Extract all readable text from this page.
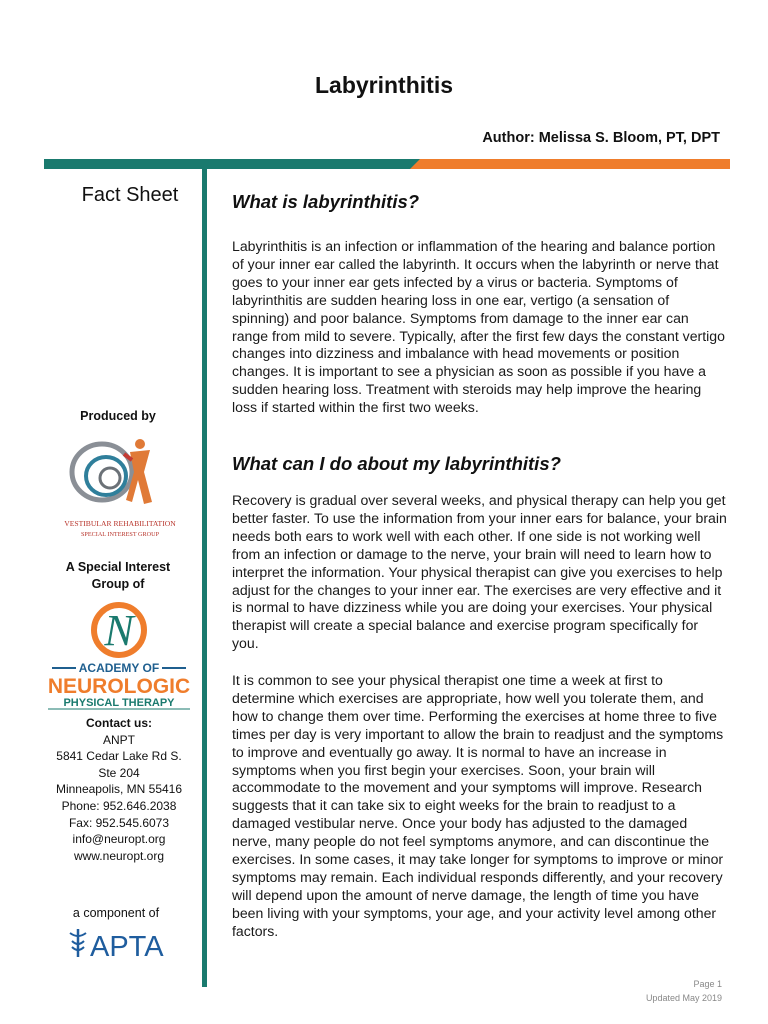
Labyrinthitis
Author: Melissa S. Bloom, PT, DPT
Fact Sheet
Produced by
VESTIBULAR REHABILITATION
SPECIAL INTEREST GROUP
A Special Interest Group of
N
ACADEMY OF
NEUROLOGIC
PHYSICAL THERAPY
Contact us:
ANPT
5841 Cedar Lake Rd S.
Ste 204
Minneapolis, MN 55416
Phone: 952.646.2038
Fax: 952.545.6073
info@neuropt.org
www.neuropt.org
a component of
APTA
What is labyrinthitis?

Labyrinthitis is an infection or inflammation of the hearing and balance portion of your inner ear called the labyrinth. It occurs when the labyrinth or nerve that goes to your inner ear gets infected by a virus or bacteria. Symptoms of labyrinthitis are sudden hearing loss in one ear, vertigo (a sensation of spinning) and poor balance. Symptoms from damage to the inner ear can range from mild to severe. Typically, after the first few days the constant vertigo changes into dizziness and imbalance with head movements or position changes. It is important to see a physician as soon as possible if you have a sudden hearing loss. Treatment with steroids may help improve the hearing loss if started within the first two weeks.

What can I do about my labyrinthitis?

Recovery is gradual over several weeks, and physical therapy can help you get better faster. To use the information from your inner ears for balance, your brain needs both ears to work well with each other. If one side is not working well from an infection or damage to the nerve, your brain will need to learn how to interpret the information. Your physical therapist can give you exercises to help adjust for the changes to your inner ear. The exercises are very effective and it is normal to have dizziness while you are doing your exercises. Your physical therapist will create a special balance and exercise program specifically for you.

It is common to see your physical therapist one time a week at first to determine which exercises are appropriate, how well you tolerate them, and how to change them over time. Performing the exercises at home three to five times per day is very important to allow the brain to readjust and the symptoms to improve and eventually go away. It is normal to have an increase in symptoms when you first begin your exercises. Soon, your brain will accommodate to the movement and your symptoms will improve. Research suggests that it can take six to eight weeks for the brain to readjust to a damaged vestibular nerve. Once your body has adjusted to the damaged nerve, many people do not feel symptoms anymore, and can discontinue the exercises. In some cases, it may take longer for symptoms to improve or minor symptoms may remain. Each individual responds differently, and your recovery will depend upon the amount of nerve damage, the length of time you have been living with your symptoms, your age, and your activity level among other factors.

Page 1
Updated May 2019
